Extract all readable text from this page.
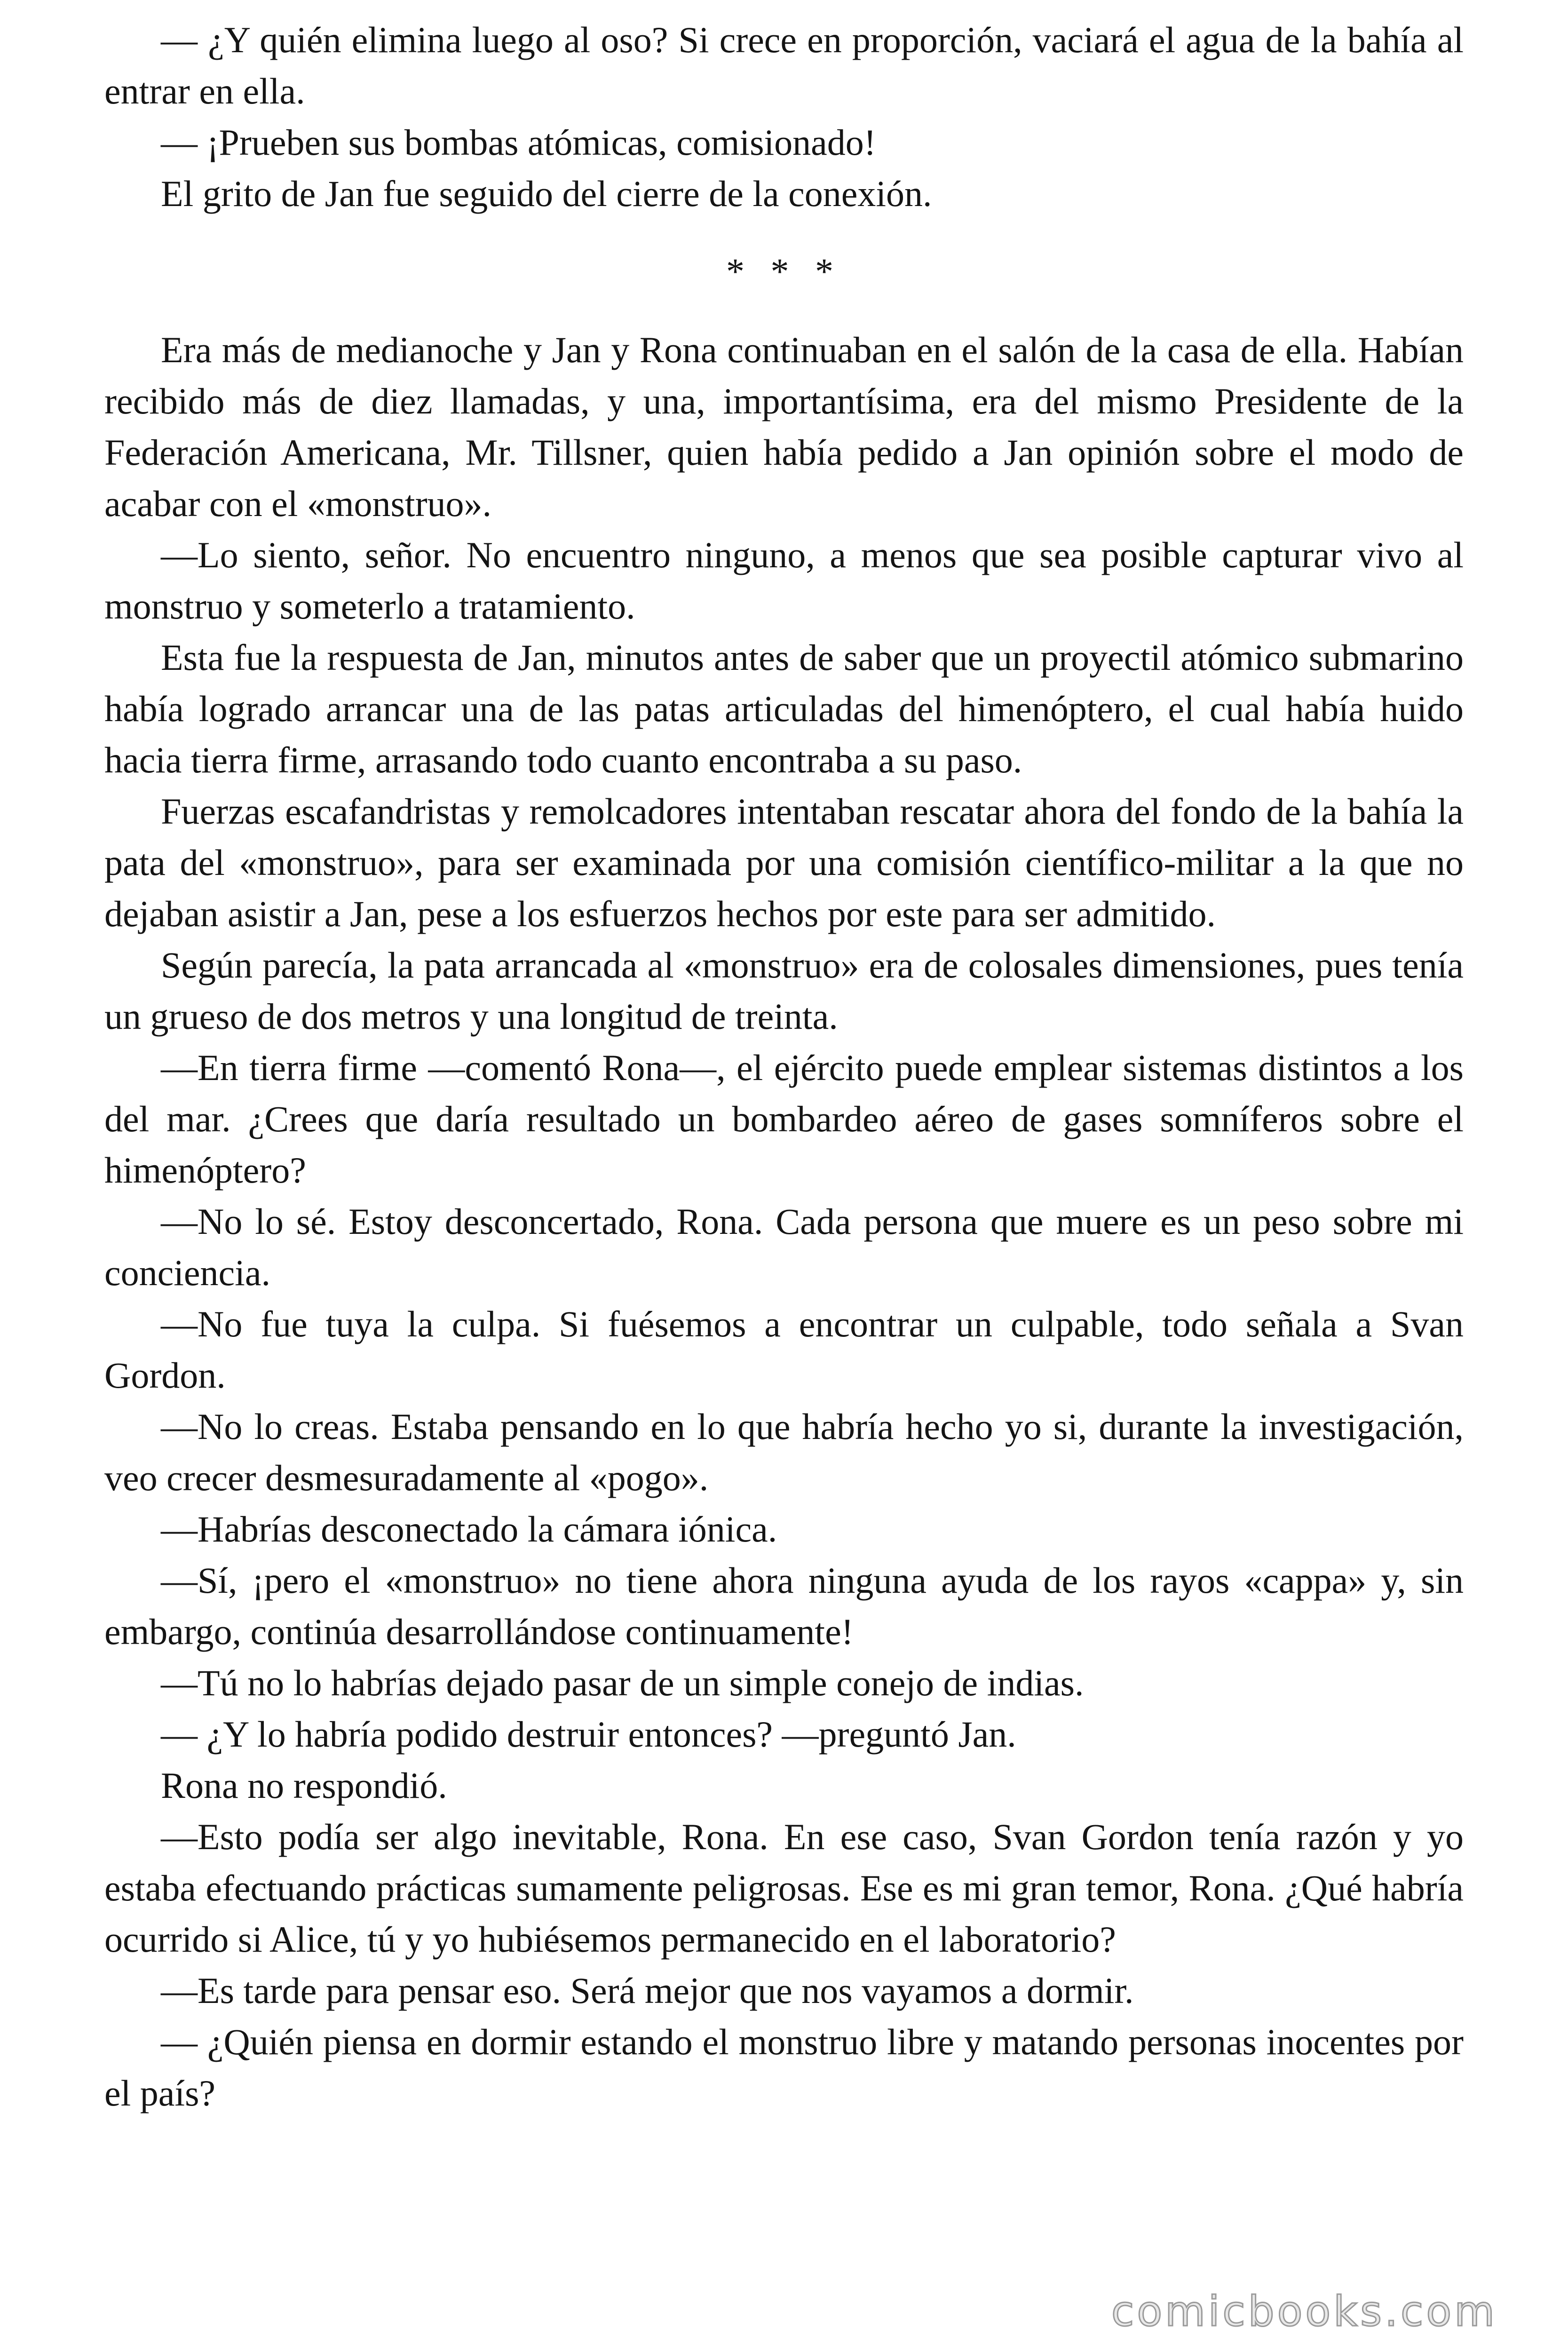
— ¿Y quién elimina luego al oso? Si crece en proporción, vaciará el agua de la bahía al entrar en ella.

— ¡Prueben sus bombas atómicas, comisionado!

El grito de Jan fue seguido del cierre de la conexión.

* * *

Era más de medianoche y Jan y Rona continuaban en el salón de la casa de ella. Habían recibido más de diez llamadas, y una, importantísima, era del mismo Presidente de la Federación Americana, Mr. Tillsner, quien había pedido a Jan opinión sobre el modo de acabar con el «monstruo».

—Lo siento, señor. No encuentro ninguno, a menos que sea posible capturar vivo al monstruo y someterlo a tratamiento.

Esta fue la respuesta de Jan, minutos antes de saber que un proyectil atómico submarino había logrado arrancar una de las patas articuladas del himenóptero, el cual había huido hacia tierra firme, arrasando todo cuanto encontraba a su paso.

Fuerzas escafandristas y remolcadores intentaban rescatar ahora del fondo de la bahía la pata del «monstruo», para ser examinada por una comisión científico-militar a la que no dejaban asistir a Jan, pese a los esfuerzos hechos por este para ser admitido.

Según parecía, la pata arrancada al «monstruo» era de colosales dimensiones, pues tenía un grueso de dos metros y una longitud de treinta.

—En tierra firme —comentó Rona—, el ejército puede emplear sistemas distintos a los del mar. ¿Crees que daría resultado un bombardeo aéreo de gases somníferos sobre el himenóptero?

—No lo sé. Estoy desconcertado, Rona. Cada persona que muere es un peso sobre mi conciencia.

—No fue tuya la culpa. Si fuésemos a encontrar un culpable, todo señala a Svan Gordon.

—No lo creas. Estaba pensando en lo que habría hecho yo si, durante la investigación, veo crecer desmesuradamente al «pogo».

—Habrías desconectado la cámara iónica.

—Sí, ¡pero el «monstruo» no tiene ahora ninguna ayuda de los rayos «cappa» y, sin embargo, continúa desarrollándose continuamente!

—Tú no lo habrías dejado pasar de un simple conejo de indias.

— ¿Y lo habría podido destruir entonces? —preguntó Jan.

Rona no respondió.

—Esto podía ser algo inevitable, Rona. En ese caso, Svan Gordon tenía razón y yo estaba efectuando prácticas sumamente peligrosas. Ese es mi gran temor, Rona. ¿Qué habría ocurrido si Alice, tú y yo hubiésemos permanecido en el laboratorio?

—Es tarde para pensar eso. Será mejor que nos vayamos a dormir.

— ¿Quién piensa en dormir estando el monstruo libre y matando personas inocentes por el país?

comicbooks.com
